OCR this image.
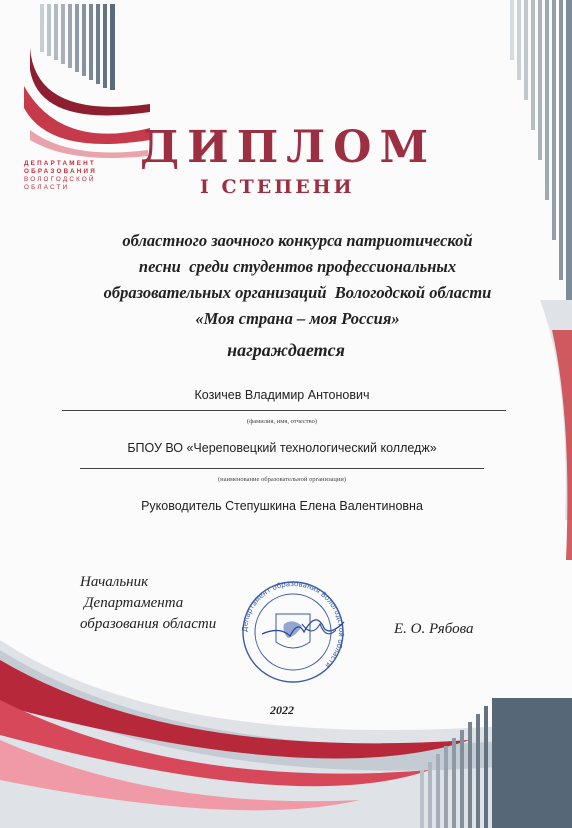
ДЕПАРТАМЕНТ
ОБРАЗОВАНИЯ
ВОЛОГОДСКОЙ
ОБЛАСТИ
ДИПЛОМ
I СТЕПЕНИ
областного заочного конкурса патриотической
песни  среди студентов профессиональных
образовательных организаций  Вологодской области
«Моя страна – моя Россия»
награждается
Козичев Владимир Антонович
(фамилия, имя, отчество)
БПОУ ВО «Череповецкий технологический колледж»
(наименование образовательной организации)
Руководитель Степушкина Елена Валентиновна
Начальник
Департамента
образования области	Департамент образования Вологодской области
Е. О. Рябова
2022
